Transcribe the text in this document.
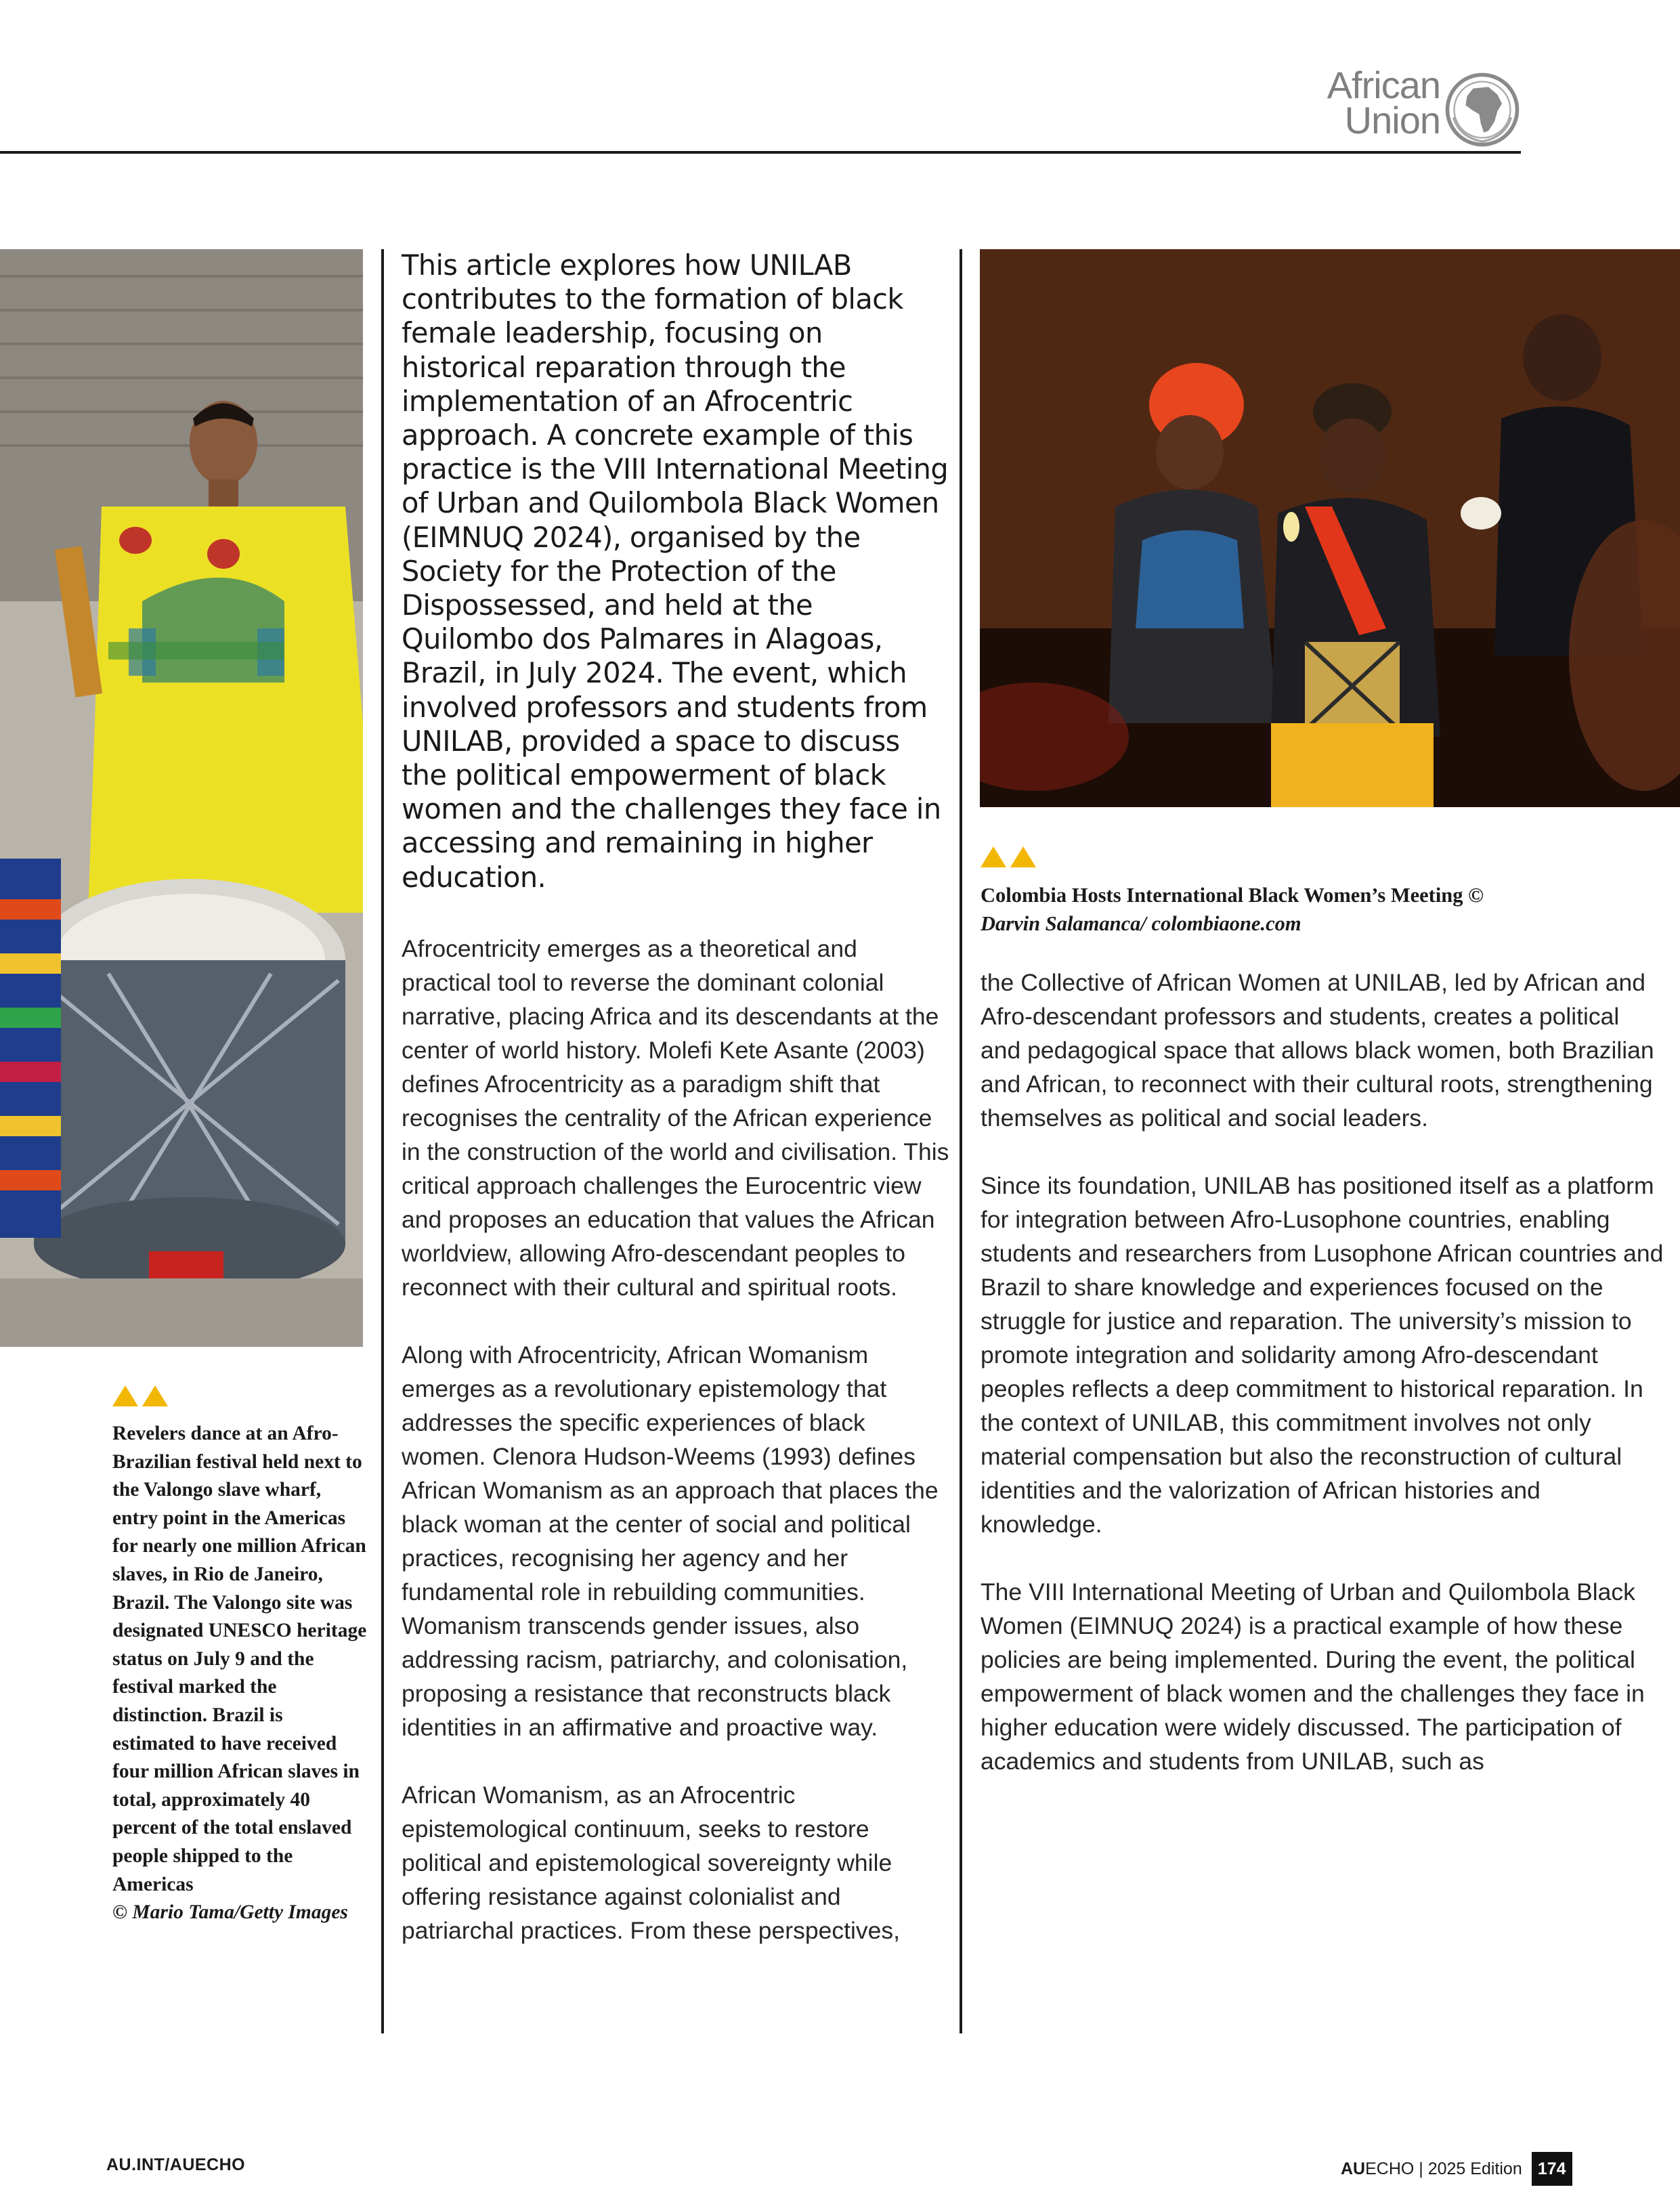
African
Union
Revelers dance at an Afro-Brazilian festival held next to the Valongo slave wharf, entry point in the Americas for nearly one million African slaves, in Rio de Janeiro, Brazil. The Valongo site was designated UNESCO heritage status on July 9 and the festival marked the distinction. Brazil is estimated to have received four million African slaves in total, approximately 40 percent of the total enslaved people shipped to the Americas
© Mario Tama/Getty Images
Colombia Hosts International Black Women’s Meeting ©
Darvin Salamanca/ colombiaone.com
This article explores how UNILAB contributes to the formation of black female leadership, focusing on historical reparation through the implementation of an Afrocentric approach. A concrete example of this practice is the VIII International Meeting of Urban and Quilombola Black Women (EIMNUQ 2024), organised by the Society for the Protection of the Dispossessed, and held at the Quilombo dos Palmares in Alagoas, Brazil, in July 2024. The event, which involved professors and students from UNILAB, provided a space to discuss the political empowerment of black women and the challenges they face in accessing and remaining in higher education.

Afrocentricity emerges as a theoretical and practical tool to reverse the dominant colonial narrative, placing Africa and its descendants at the center of world history. Molefi Kete Asante (2003) defines Afrocentricity as a paradigm shift that recognises the centrality of the African experience in the construction of the world and civilisation. This critical approach challenges the Eurocentric view and proposes an education that values the African worldview, allowing Afro-descendant peoples to reconnect with their cultural and spiritual roots.

Along with Afrocentricity, African Womanism emerges as a revolutionary epistemology that addresses the specific experiences of black women. Clenora Hudson-Weems (1993) defines African Womanism as an approach that places the black woman at the center of social and political practices, recognising her agency and her fundamental role in rebuilding communities. Womanism transcends gender issues, also addressing racism, patriarchy, and colonisation, proposing a resistance that reconstructs black identities in an affirmative and proactive way.

African Womanism, as an Afrocentric epistemological continuum, seeks to restore political and epistemological sovereignty while offering resistance against colonialist and patriarchal practices. From these perspectives,

the Collective of African Women at UNILAB, led by African and Afro-descendant professors and students, creates a political and pedagogical space that allows black women, both Brazilian and African, to reconnect with their cultural roots, strengthening themselves as political and social leaders.

Since its foundation, UNILAB has positioned itself as a platform for integration between Afro-Lusophone countries, enabling students and researchers from Lusophone African countries and Brazil to share knowledge and experiences focused on the struggle for justice and reparation. The university’s mission to promote integration and solidarity among Afro-descendant peoples reflects a deep commitment to historical reparation. In the context of UNILAB, this commitment involves not only material compensation but also the reconstruction of cultural identities and the valorization of African histories and knowledge.

The VIII International Meeting of Urban and Quilombola Black Women (EIMNUQ 2024) is a practical example of how these policies are being implemented. During the event, the political empowerment of black women and the challenges they face in higher education were widely discussed. The participation of academics and students from UNILAB, such as

AU.INT/AUECHO	AU ECHO | 2025 Edition 174
